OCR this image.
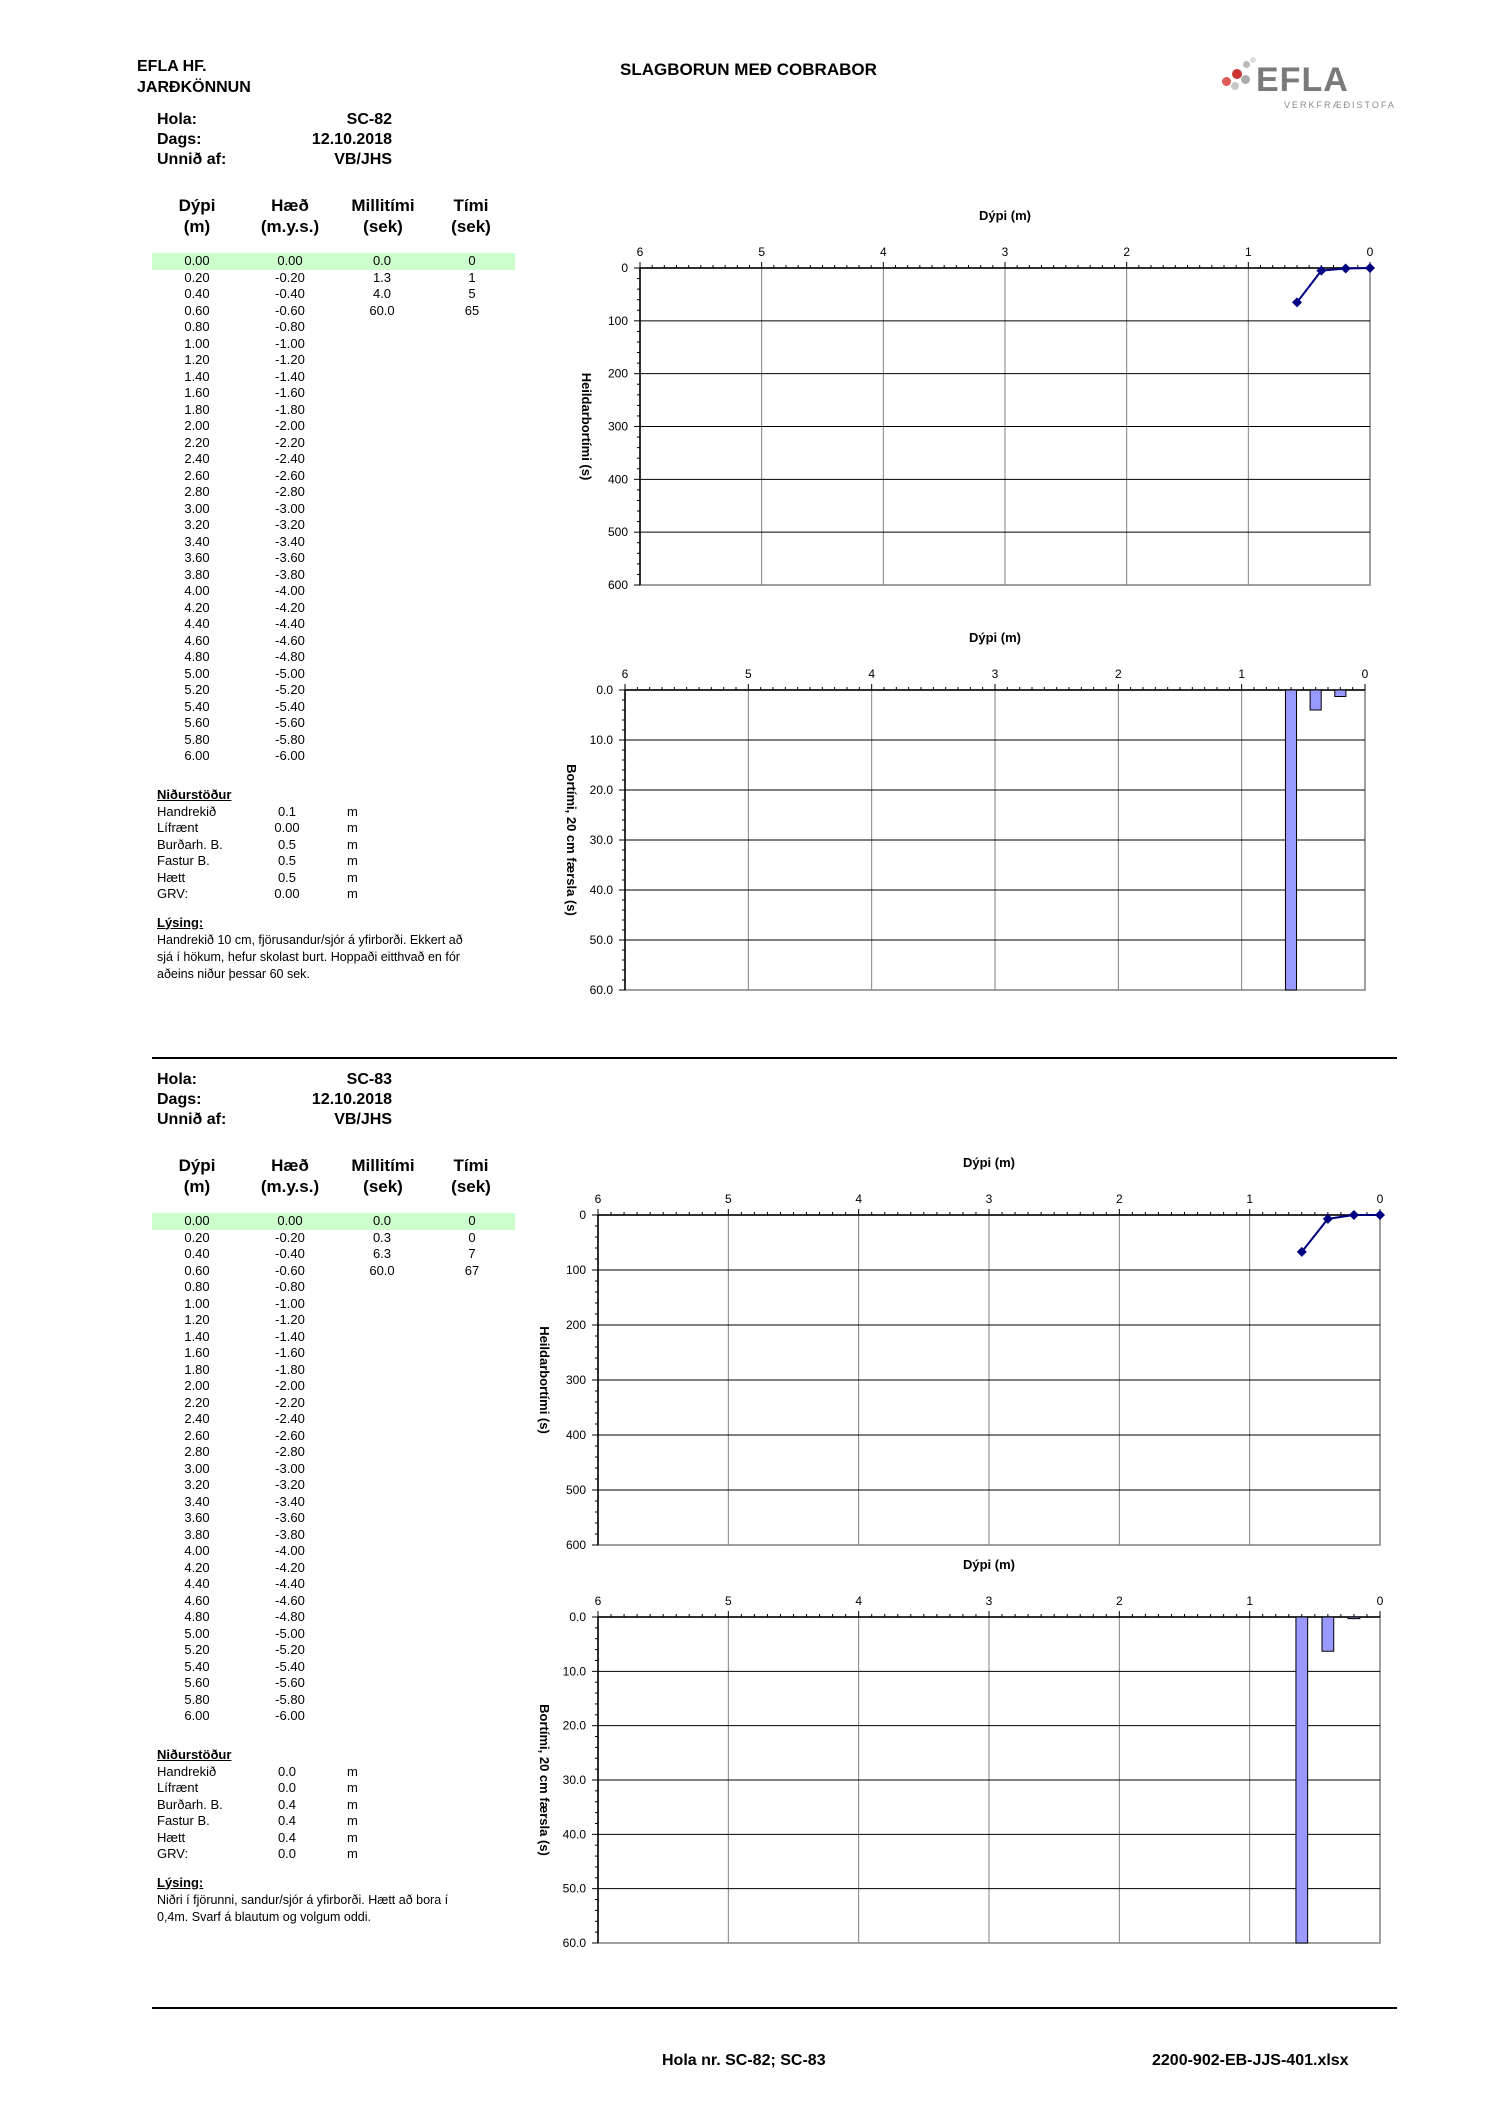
EFLA HF.
JARÐKÖNNUN
SLAGBORUN MEÐ COBRABOR	EFLA
VERKFRÆÐISTOFA
Hola:	SC-82
Dags:	12.10.2018
Unnið af:	VB/JHS
Dýpi
(m)
Hæð
(m.y.s.)
Millitími
(sek)
Tími
(sek)
0.00	0.00	0.0	0
0.20	-0.20	1.3	1
0.40	-0.40	4.0	5
0.60	-0.60	60.0	65
0.80	-0.80
1.00	-1.00
1.20	-1.20
1.40	-1.40
1.60	-1.60
1.80	-1.80
2.00	-2.00
2.20	-2.20
2.40	-2.40
2.60	-2.60
2.80	-2.80
3.00	-3.00
3.20	-3.20
3.40	-3.40
3.60	-3.60
3.80	-3.80
4.00	-4.00
4.20	-4.20
4.40	-4.40
4.60	-4.60
4.80	-4.80
5.00	-5.00
5.20	-5.20
5.40	-5.40
5.60	-5.60
5.80	-5.80
6.00	-6.00
Niðurstöður
Handrekið	0.1	m
Lífrænt	0.00	m
Burðarh. B.	0.5	m
Fastur B.	0.5	m
Hætt	0.5	m
GRV:	0.00	m
Lýsing:
Handrekið 10 cm, fjörusandur/sjór á yfirborði. Ekkert að
sjá í hökum, hefur skolast burt. Hoppaði eitthvað en fór
aðeins niður þessar 60 sek.
Dýpi (m)
6	5	4	3	2	1	0
0
100
200
300
400
500
600
Heildarbortími (s)
Dýpi (m)
6	5	4	3	2	1	0
0.0
10.0
20.0
30.0
40.0
50.0
60.0
Bortími, 20 cm færsla (s)
Hola:	SC-83
Dags:	12.10.2018
Unnið af:	VB/JHS
Dýpi
(m)
Hæð
(m.y.s.)
Millitími
(sek)
Tími
(sek)
0.00	0.00	0.0	0
0.20	-0.20	0.3	0
0.40	-0.40	6.3	7
0.60	-0.60	60.0	67
0.80	-0.80
1.00	-1.00
1.20	-1.20
1.40	-1.40
1.60	-1.60
1.80	-1.80
2.00	-2.00
2.20	-2.20
2.40	-2.40
2.60	-2.60
2.80	-2.80
3.00	-3.00
3.20	-3.20
3.40	-3.40
3.60	-3.60
3.80	-3.80
4.00	-4.00
4.20	-4.20
4.40	-4.40
4.60	-4.60
4.80	-4.80
5.00	-5.00
5.20	-5.20
5.40	-5.40
5.60	-5.60
5.80	-5.80
6.00	-6.00
Niðurstöður
Handrekið	0.0	m
Lífrænt	0.0	m
Burðarh. B.	0.4	m
Fastur B.	0.4	m
Hætt	0.4	m
GRV:	0.0	m
Lýsing:
Niðri í fjörunni, sandur/sjór á yfirborði. Hætt að bora í
0,4m. Svarf á blautum og volgum oddi.
Dýpi (m)
6	5	4	3	2	1	0
0
100
200
300
400
500
600
Heildarbortími (s)
Dýpi (m)
6	5	4	3	2	1	0
0.0
10.0
20.0
30.0
40.0
50.0
60.0
Bortími, 20 cm færsla (s)
Hola nr. SC-82; SC-83	2200-902-EB-JJS-401.xlsx
